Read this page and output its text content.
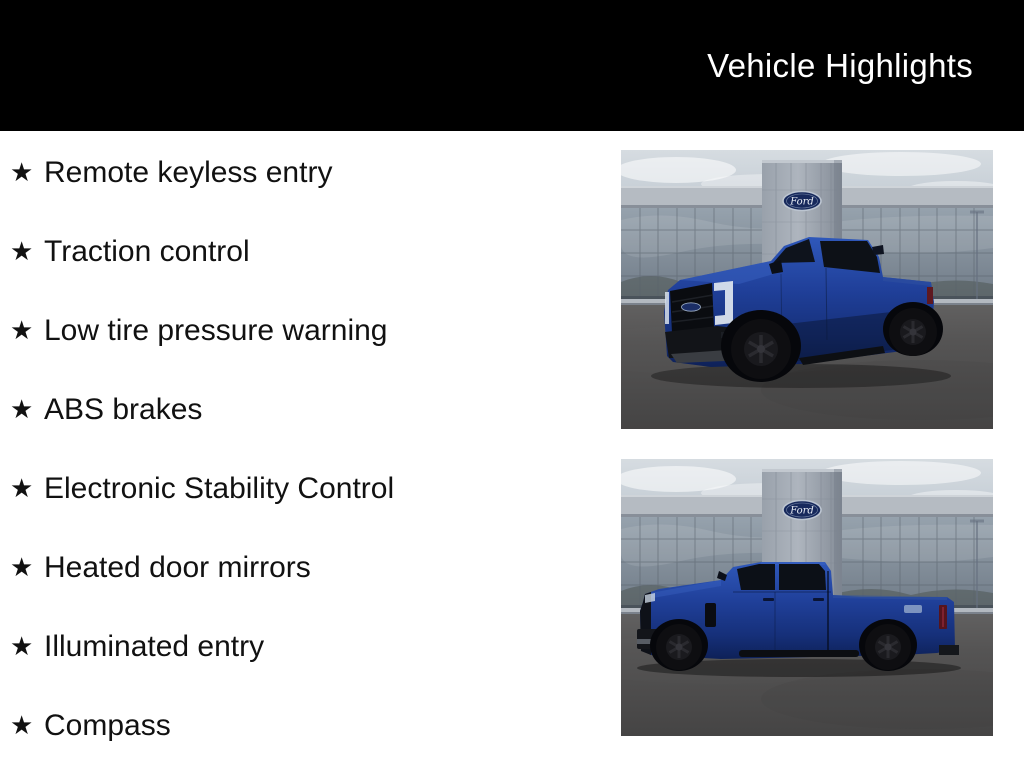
Vehicle Highlights
★ Remote keyless entry
★ Traction control
★ Low tire pressure warning
★ ABS brakes
★ Electronic Stability Control
★ Heated door mirrors
★ Illuminated entry
★ Compass
Ford
Ford
